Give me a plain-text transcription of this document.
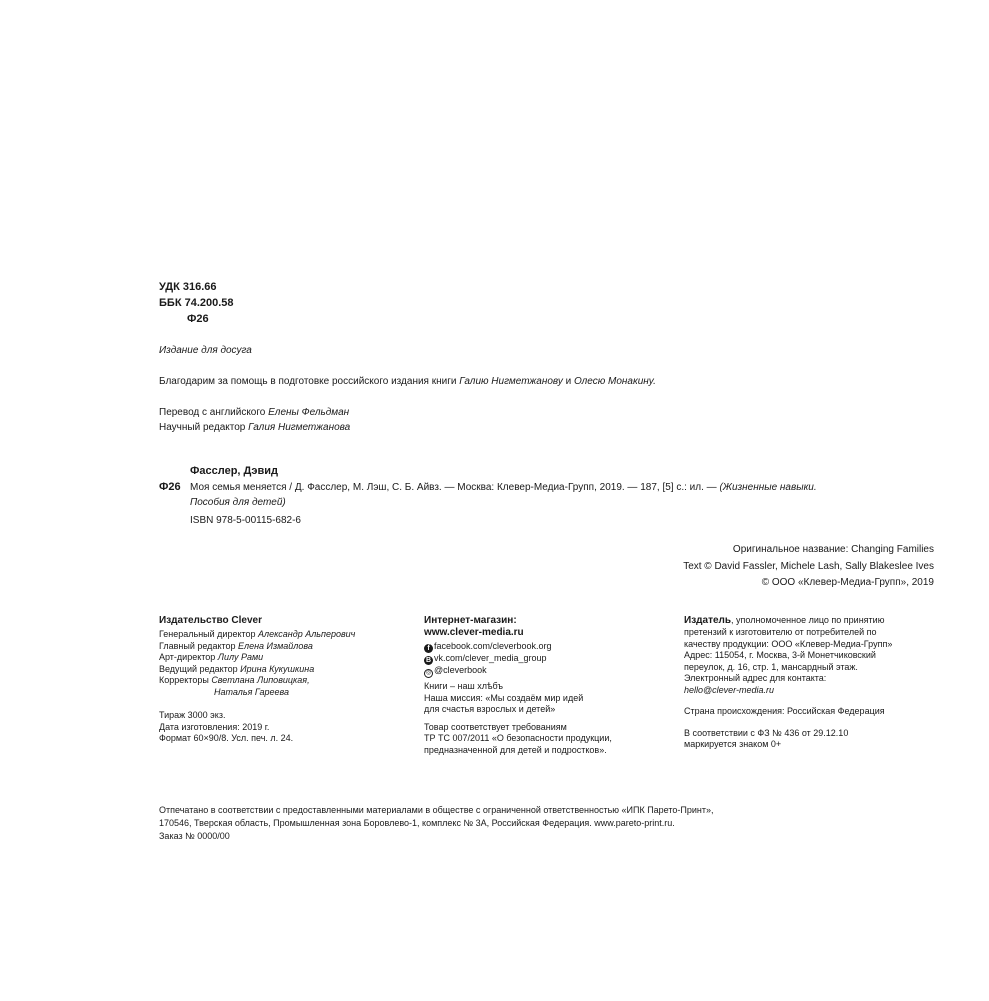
УДК 316.66
ББК 74.200.58
Ф26
Издание для досуга
Благодарим за помощь в подготовке российского издания книги Галию Нигметжанову и Олесю Монакину.
Перевод с английского Елены Фельдман
Научный редактор Галия Нигметжанова
Фасслер, Дэвид
Ф26 Моя семья меняется / Д. Фасслер, М. Лэш, С. Б. Айвз. — Москва: Клевер-Медиа-Групп, 2019. — 187, [5] с.: ил. — (Жизненные навыки.
Пособия для детей)
ISBN 978-5-00115-682-6
Оригинальное название: Changing Families
Text © David Fassler, Michele Lash, Sally Blakeslee Ives
© ООО «Клевер-Медиа-Групп», 2019
Издательство Clever
Генеральный директор Александр Альперович
Главный редактор Елена Измайлова
Арт-директор Лилу Рами
Ведущий редактор Ирина Кукушкина
Корректоры Светлана Липовицкая,
Наталья Гареева
Тираж 3000 экз.
Дата изготовления: 2019 г.
Формат 60×90/8. Усл. печ. л. 24.
Интернет-магазин:
www.clever-media.ru
f facebook.com/cleverbook.org
В vk.com/clever_media_group
◎ @cleverbook
Книги – наш хлѣбъ
Наша миссия: «Мы создаём мир идей
для счастья взрослых и детей»
Товар соответствует требованиям
ТР ТС 007/2011 «О безопасности продукции,
предназначенной для детей и подростков».
Издатель, уполномоченное лицо по принятию
претензий к изготовителю от потребителей по
качеству продукции: ООО «Клевер-Медиа-Групп»
Адрес: 115054, г. Москва, 3-й Монетчиковский
переулок, д. 16, стр. 1, мансардный этаж.
Электронный адрес для контакта:
hello@clever-media.ru
Страна происхождения: Российская Федерация
В соответствии с ФЗ № 436 от 29.12.10
маркируется знаком 0+
Отпечатано в соответствии с предоставленными материалами в обществе с ограниченной ответственностью «ИПК Парето-Принт»,
170546, Тверская область, Промышленная зона Боровлево-1, комплекс № 3А, Российская Федерация. www.pareto-print.ru.
Заказ № 0000/00
